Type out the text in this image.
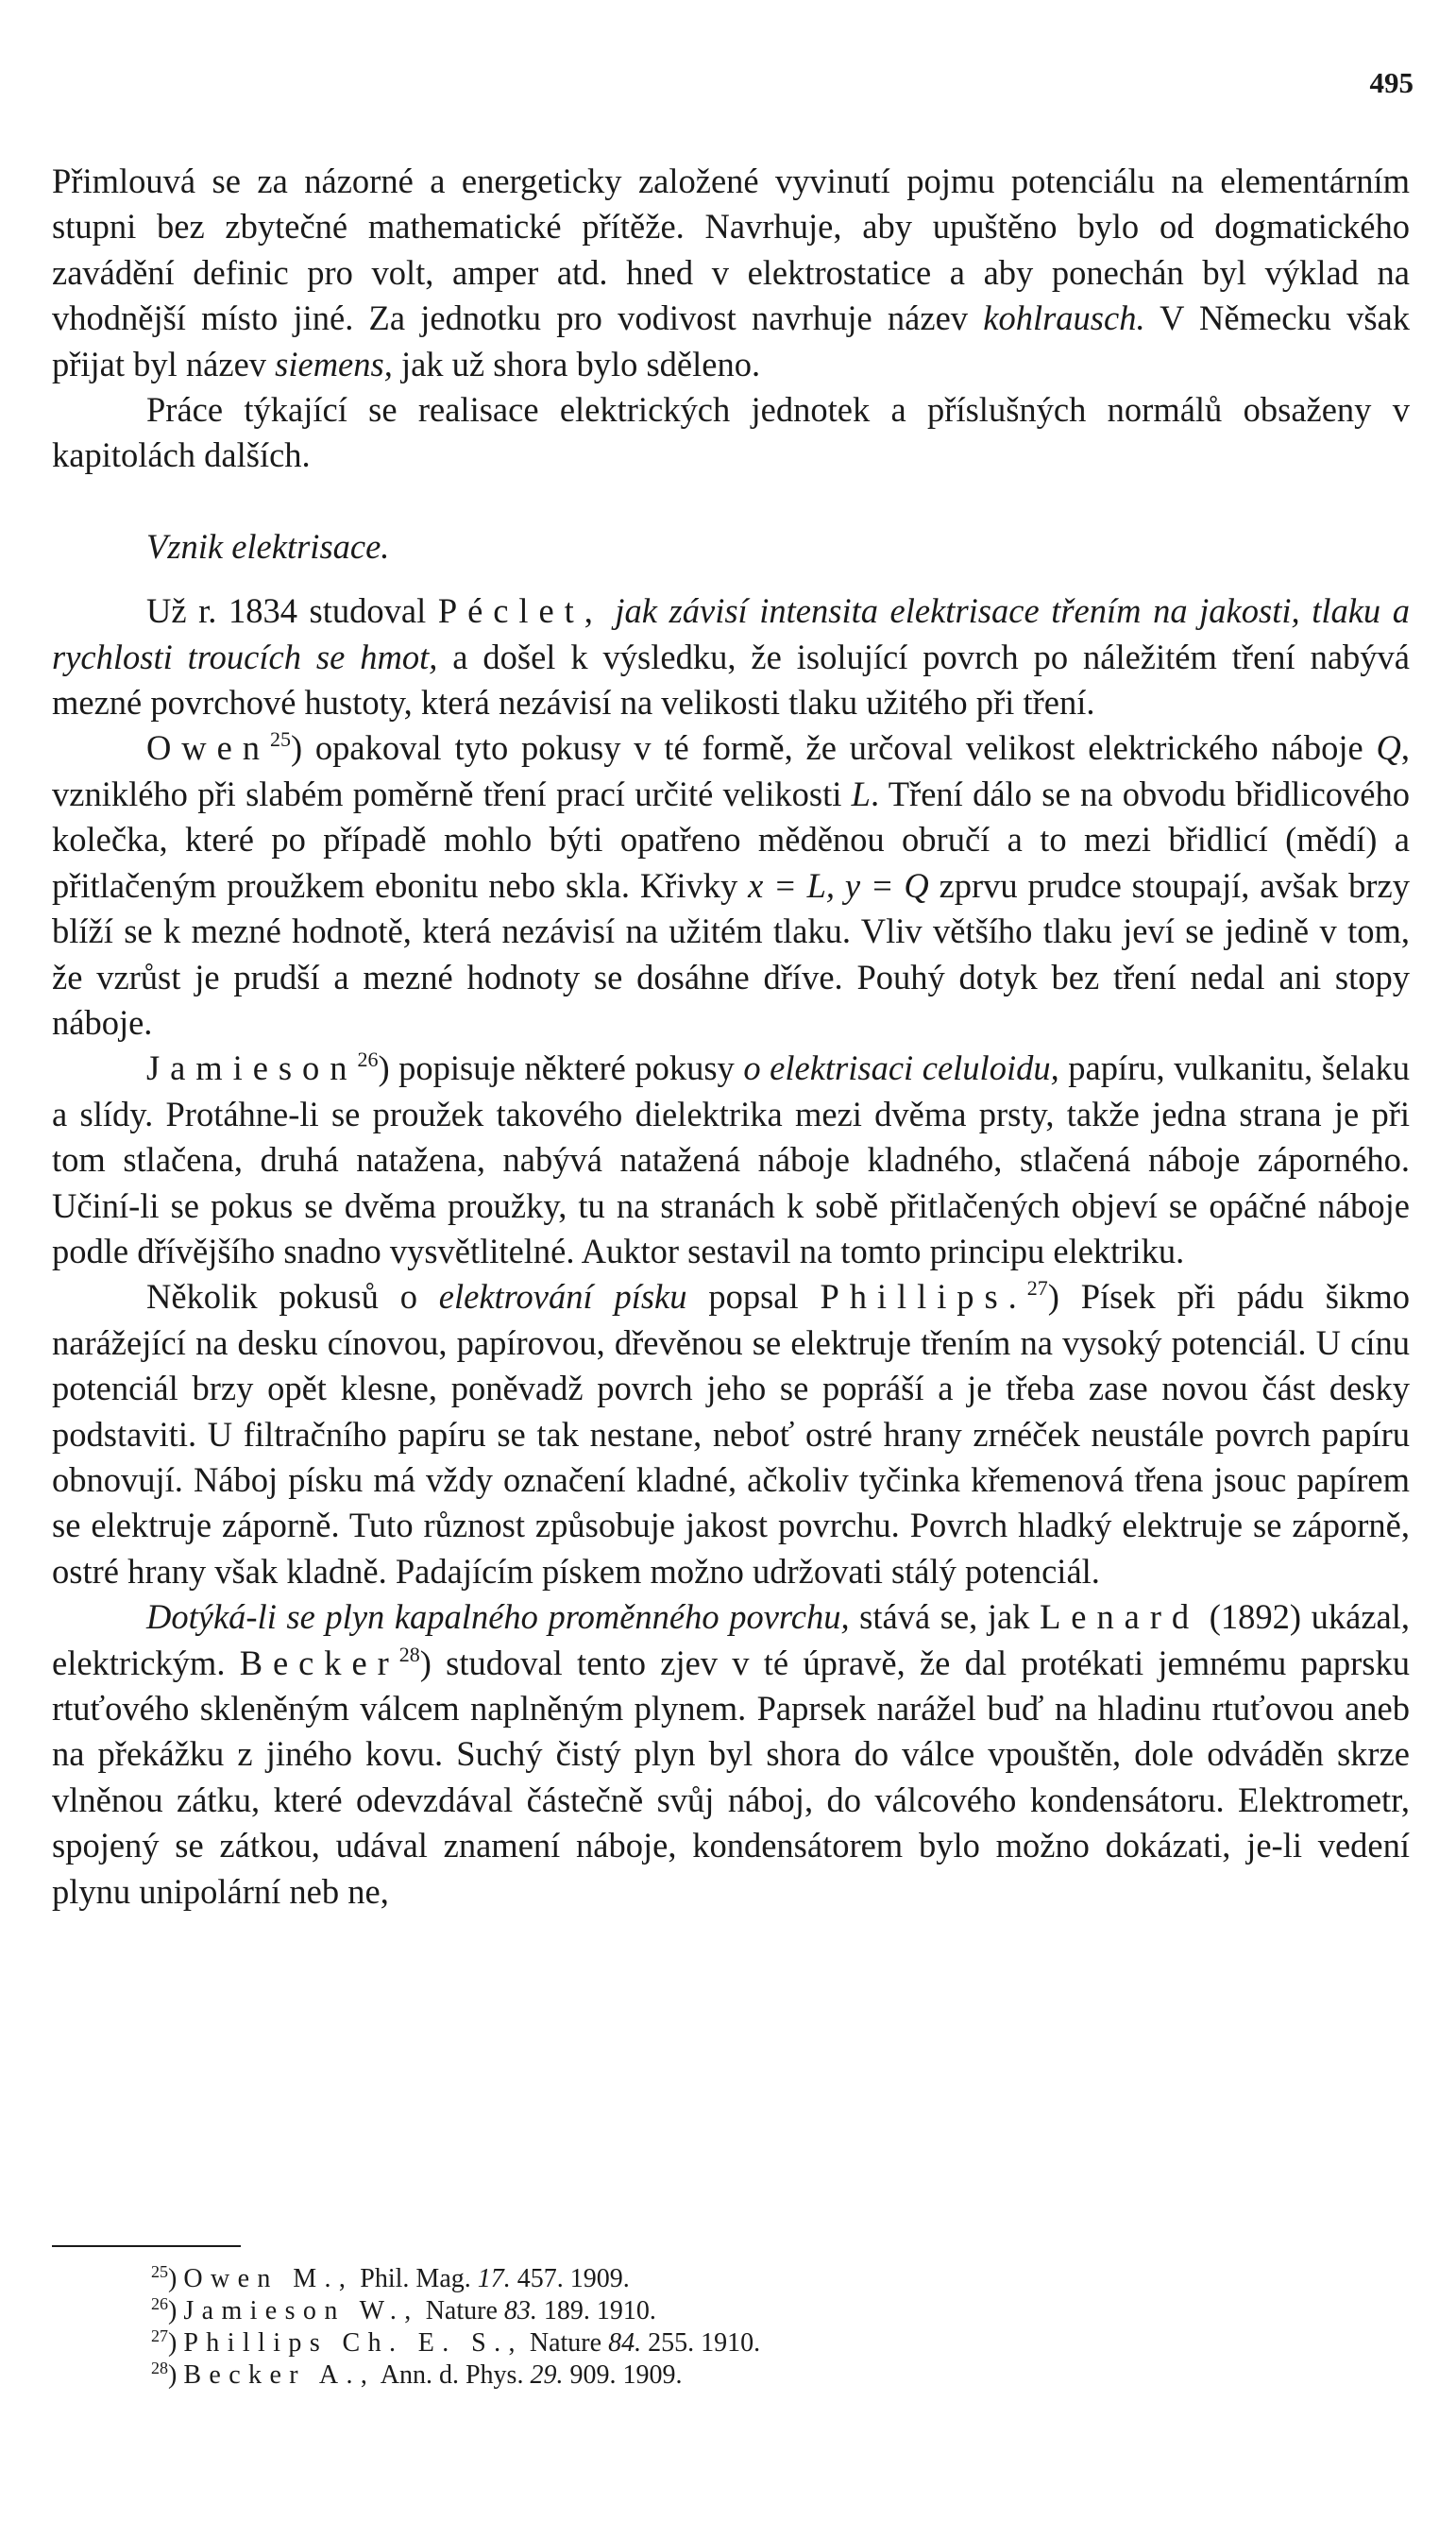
495

Přimlouvá se za názorné a energeticky založené vyvinutí pojmu potenciálu na elementárním stupni bez zbytečné mathematické přítěže. Navrhuje, aby upuštěno bylo od dogmatického zavádění definic pro volt, amper atd. hned v elektrostatice a aby ponechán byl výklad na vhodnější místo jiné. Za jednotku pro vodivost navrhuje název kohlrausch. V Německu však přijat byl název siemens, jak už shora bylo sděleno.

Práce týkající se realisace elektrických jednotek a příslušných normálů obsaženy v kapitolách dalších.

Vznik elektrisace.

Už r. 1834 studoval Péclet, jak závisí intensita elektrisace třením na jakosti, tlaku a rychlosti troucích se hmot, a došel k výsledku, že isolující povrch po náležitém tření nabývá mezné povrchové hustoty, která nezávisí na velikosti tlaku užitého při tření.

Owen$^{25}$) opakoval tyto pokusy v té formě, že určoval velikost elektrického náboje Q, vzniklého při slabém poměrně tření prací určité velikosti L. Tření dálo se na obvodu břidlicového kolečka, které po případě mohlo býti opatřeno měděnou obručí a to mezi břidlicí (mědí) a přitlačeným proužkem ebonitu nebo skla. Křivky x = L, y = Q zprvu prudce stoupají, avšak brzy blíží se k mezné hodnotě, která nezávisí na užitém tlaku. Vliv většího tlaku jeví se jedině v tom, že vzrůst je prudší a mezné hodnoty se dosáhne dříve. Pouhý dotyk bez tření nedal ani stopy náboje.

Jamieson$^{26}$) popisuje některé pokusy o elektrisaci celuloidu, papíru, vulkanitu, šelaku a slídy. Protáhne-li se proužek takového dielektrika mezi dvěma prsty, takže jedna strana je při tom stlačena, druhá natažena, nabývá natažená náboje kladného, stlačená náboje záporného. Učiní-li se pokus se dvěma proužky, tu na stranách k sobě přitlačených objeví se opáčné náboje podle dřívějšího snadno vysvětlitelné. Auktor sestavil na tomto principu elektriku.

Několik pokusů o elektrování písku popsal Phillips.$^{27}$) Písek při pádu šikmo narážející na desku cínovou, papírovou, dřevěnou se elektruje třením na vysoký potenciál. U cínu potenciál brzy opět klesne, poněvadž povrch jeho se popráší a je třeba zase novou část desky podstaviti. U filtračního papíru se tak nestane, neboť ostré hrany zrnéček neustále povrch papíru obnovují. Náboj písku má vždy označení kladné, ačkoliv tyčinka křemenová třena jsouc papírem se elektruje záporně. Tuto různost způsobuje jakost povrchu. Povrch hladký elektruje se záporně, ostré hrany však kladně. Padajícím pískem možno udržovati stálý potenciál.

Dotýká-li se plyn kapalného proměnného povrchu, stává se, jak Lenard (1892) ukázal, elektrickým. Becker$^{28}$) studoval tento zjev v té úpravě, že dal protékati jemnému paprsku rtuťového skleněným válcem naplněným plynem. Paprsek narážel buď na hladinu rtuťovou aneb na překážku z jiného kovu. Suchý čistý plyn byl shora do válce vpouštěn, dole odváděn skrze vlněnou zátku, které odevzdával částečně svůj náboj, do válcového kondensátoru. Elektrometr, spojený se zátkou, udával znamení náboje, kondensátorem bylo možno dokázati, je-li vedení plynu unipolární neb ne,

$^{25}$) Owen M., Phil. Mag. 17. 457. 1909.
$^{26}$) Jamieson W., Nature 83. 189. 1910.
$^{27}$) Phillips Ch. E. S., Nature 84. 255. 1910.
$^{28}$) Becker A., Ann. d. Phys. 29. 909. 1909.
